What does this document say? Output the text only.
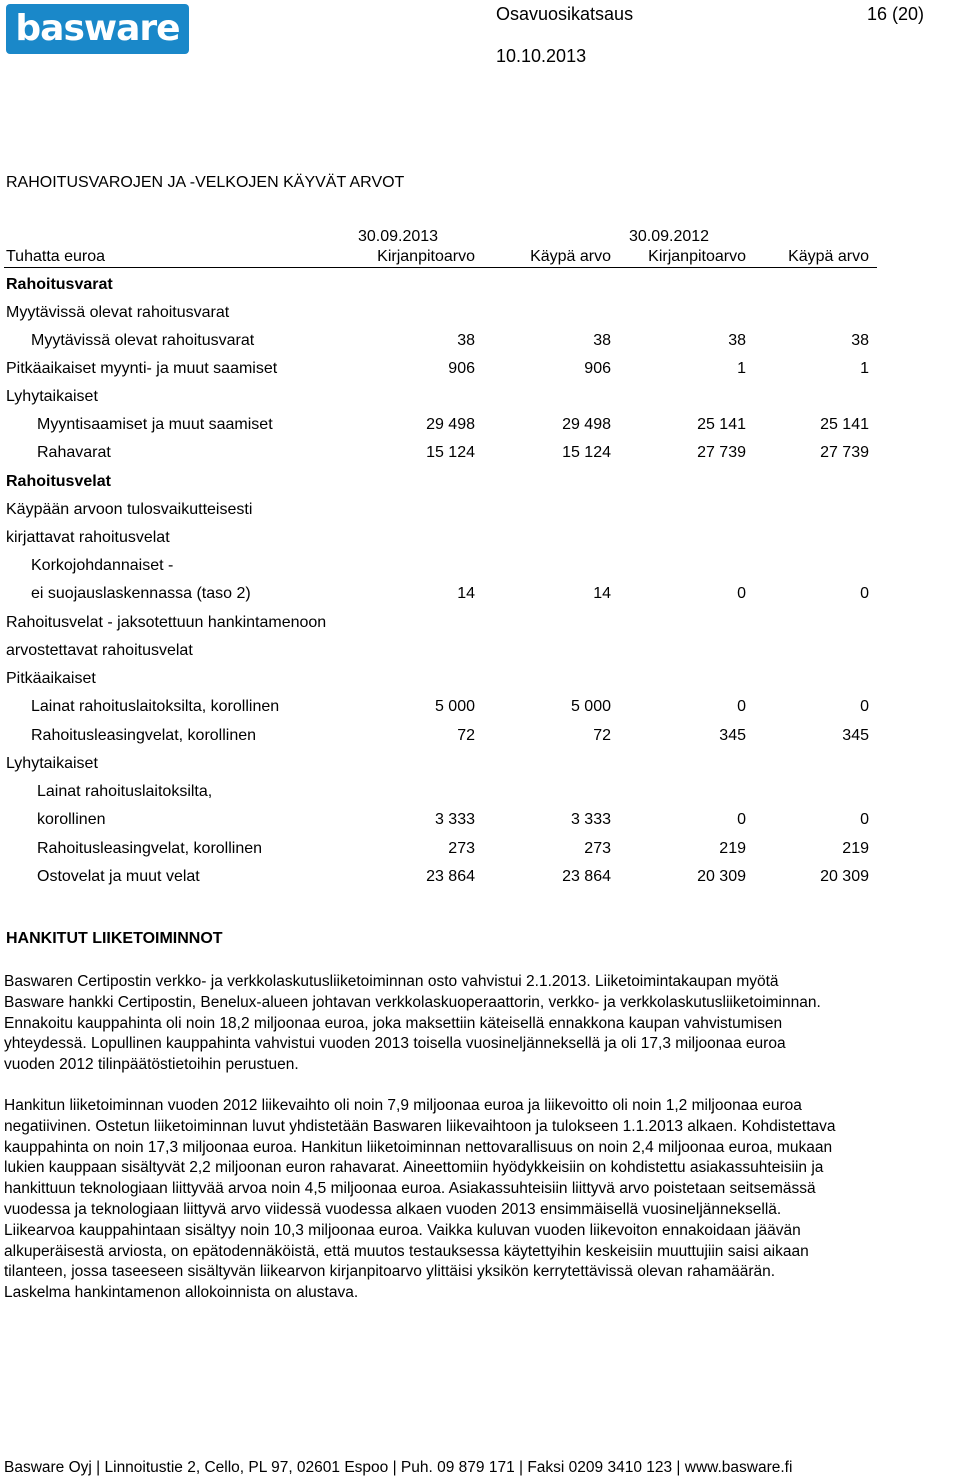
basware	Osavuosikatsaus	16 (20)
10.10.2013
RAHOITUSVAROJEN JA -VELKOJEN KÄYVÄT ARVOT
30.09.2013	30.09.2012
Tuhatta euroa	Kirjanpitoarvo	Käypä arvo	Kirjanpitoarvo	Käypä arvo
Rahoitusvarat
Myytävissä olevat rahoitusvarat
Myytävissä olevat rahoitusvarat	38	38	38	38
Pitkäaikaiset myynti- ja muut saamiset	906	906	1	1
Lyhytaikaiset
Myyntisaamiset ja muut saamiset	29 498	29 498	25 141	25 141
Rahavarat	15 124	15 124	27 739	27 739
Rahoitusvelat
Käypään arvoon tulosvaikutteisesti
kirjattavat rahoitusvelat
Korkojohdannaiset -
ei suojauslaskennassa (taso 2)	14	14	0	0
Rahoitusvelat - jaksotettuun hankintamenoon
arvostettavat rahoitusvelat
Pitkäaikaiset
Lainat rahoituslaitoksilta, korollinen	5 000	5 000	0	0
Rahoitusleasingvelat, korollinen	72	72	345	345
Lyhytaikaiset
Lainat rahoituslaitoksilta,
korollinen	3 333	3 333	0	0
Rahoitusleasingvelat, korollinen	273	273	219	219
Ostovelat ja muut velat	23 864	23 864	20 309	20 309
HANKITUT LIIKETOIMINNOT

Baswaren Certipostin verkko- ja verkkolaskutusliiketoiminnan osto vahvistui 2.1.2013. Liiketoimintakaupan myötä

Basware hankki Certipostin, Benelux-alueen johtavan verkkolaskuoperaattorin, verkko- ja verkkolaskutusliiketoiminnan.

Ennakoitu kauppahinta oli noin 18,2 miljoonaa euroa, joka maksettiin käteisellä ennakkona kaupan vahvistumisen

yhteydessä. Lopullinen kauppahinta vahvistui vuoden 2013 toisella vuosineljänneksellä ja oli 17,3 miljoonaa euroa

vuoden 2012 tilinpäätöstietoihin perustuen.

Hankitun liiketoiminnan vuoden 2012 liikevaihto oli noin 7,9 miljoonaa euroa ja liikevoitto oli noin 1,2 miljoonaa euroa

negatiivinen. Ostetun liiketoiminnan luvut yhdistetään Baswaren liikevaihtoon ja tulokseen 1.1.2013 alkaen. Kohdistettava

kauppahinta on noin 17,3 miljoonaa euroa. Hankitun liiketoiminnan nettovarallisuus on noin 2,4 miljoonaa euroa, mukaan

lukien kauppaan sisältyvät 2,2 miljoonan euron rahavarat. Aineettomiin hyödykkeisiin on kohdistettu asiakassuhteisiin ja

hankittuun teknologiaan liittyvää arvoa noin 4,5 miljoonaa euroa. Asiakassuhteisiin liittyvä arvo poistetaan seitsemässä

vuodessa ja teknologiaan liittyvä arvo viidessä vuodessa alkaen vuoden 2013 ensimmäisellä vuosineljänneksellä.

Liikearvoa kauppahintaan sisältyy noin 10,3 miljoonaa euroa. Vaikka kuluvan vuoden liikevoiton ennakoidaan jäävän

alkuperäisestä arviosta, on epätodennäköistä, että muutos testauksessa käytettyihin keskeisiin muuttujiin saisi aikaan

tilanteen, jossa taseeseen sisältyvän liikearvon kirjanpitoarvo ylittäisi yksikön kerrytettävissä olevan rahamäärän.

Laskelma hankintamenon allokoinnista on alustava.

Basware Oyj | Linnoitustie 2, Cello, PL 97, 02601 Espoo | Puh. 09 879 171 | Faksi 0209 3410 123 | www.basware.fi
